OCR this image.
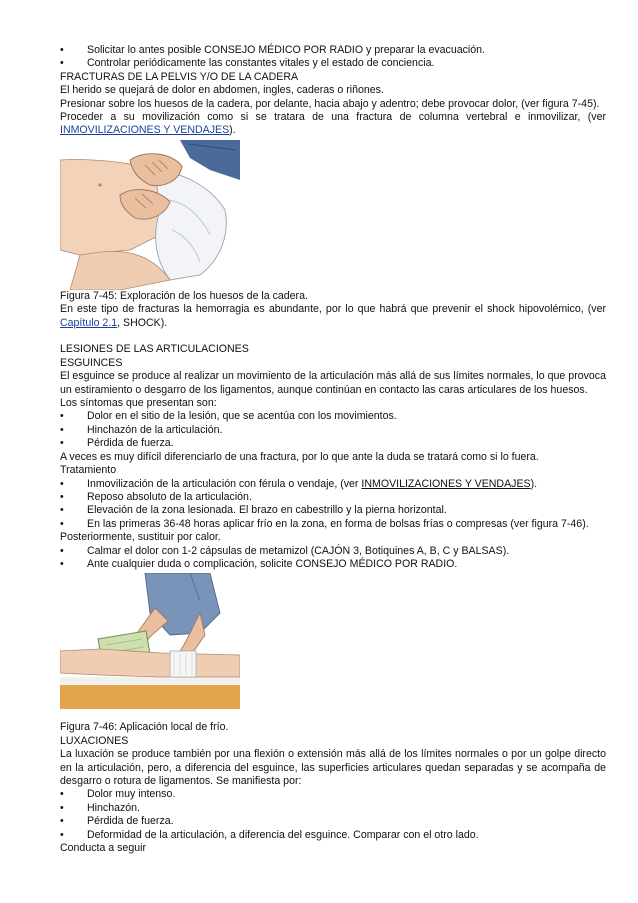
• Solicitar lo antes posible CONSEJO MÉDICO POR RADIO y preparar la evacuación.
• Controlar periódicamente las constantes vitales y el estado de conciencia.
FRACTURAS DE LA PELVIS Y/O DE LA CADERA
El herido se quejará de dolor en abdomen, ingles, caderas o riñones.
Presionar sobre los huesos de la cadera, por delante, hacia abajo y adentro; debe provocar dolor, (ver figura 7-45).
Proceder a su movilización como si se tratara de una fractura de columna vertebral e inmovilizar, (ver INMOVILIZACIONES Y VENDAJES).
Figura 7-45: Exploración de los huesos de la cadera.
En este tipo de fracturas la hemorragia es abundante, por lo que habrá que prevenir el shock hipovolémico, (ver Capítulo 2.1, SHOCK).
LESIONES DE LAS ARTICULACIONES
ESGUINCES
El esguince se produce al realizar un movimiento de la articulación más allá de sus límites normales, lo que provoca un estiramiento o desgarro de los ligamentos, aunque continúan en contacto las caras articulares de los huesos.
Los síntomas que presentan son:
• Dolor en el sitio de la lesión, que se acentúa con los movimientos.
• Hinchazón de la articulación.
• Pérdida de fuerza.
A veces es muy difícil diferenciarlo de una fractura, por lo que ante la duda se tratará como si lo fuera.
Tratamiento
• Inmovilización de la articulación con férula o vendaje, (ver INMOVILIZACIONES Y VENDAJES).
• Reposo absoluto de la articulación.
• Elevación de la zona lesionada. El brazo en cabestrillo y la pierna horizontal.
• En las primeras 36-48 horas aplicar frío en la zona, en forma de bolsas frías o compresas (ver figura 7-46).
Posteriormente, sustituir por calor.
• Calmar el dolor con 1-2 cápsulas de metamizol (CAJÓN 3, Botiquines A, B, C y BALSAS).
• Ante cualquier duda o complicación, solicite CONSEJO MÉDICO POR RADIO.
Figura 7-46: Aplicación local de frío.
LUXACIONES
La luxación se produce también por una flexión o extensión más allá de los límites normales o por un golpe directo en la articulación, pero, a diferencia del esguince, las superficies articulares quedan separadas y se acompaña de desgarro o rotura de ligamentos. Se manifiesta por:
• Dolor muy intenso.
• Hinchazón.
• Pérdida de fuerza.
• Deformidad de la articulación, a diferencia del esguince. Comparar con el otro lado.
Conducta a seguir
